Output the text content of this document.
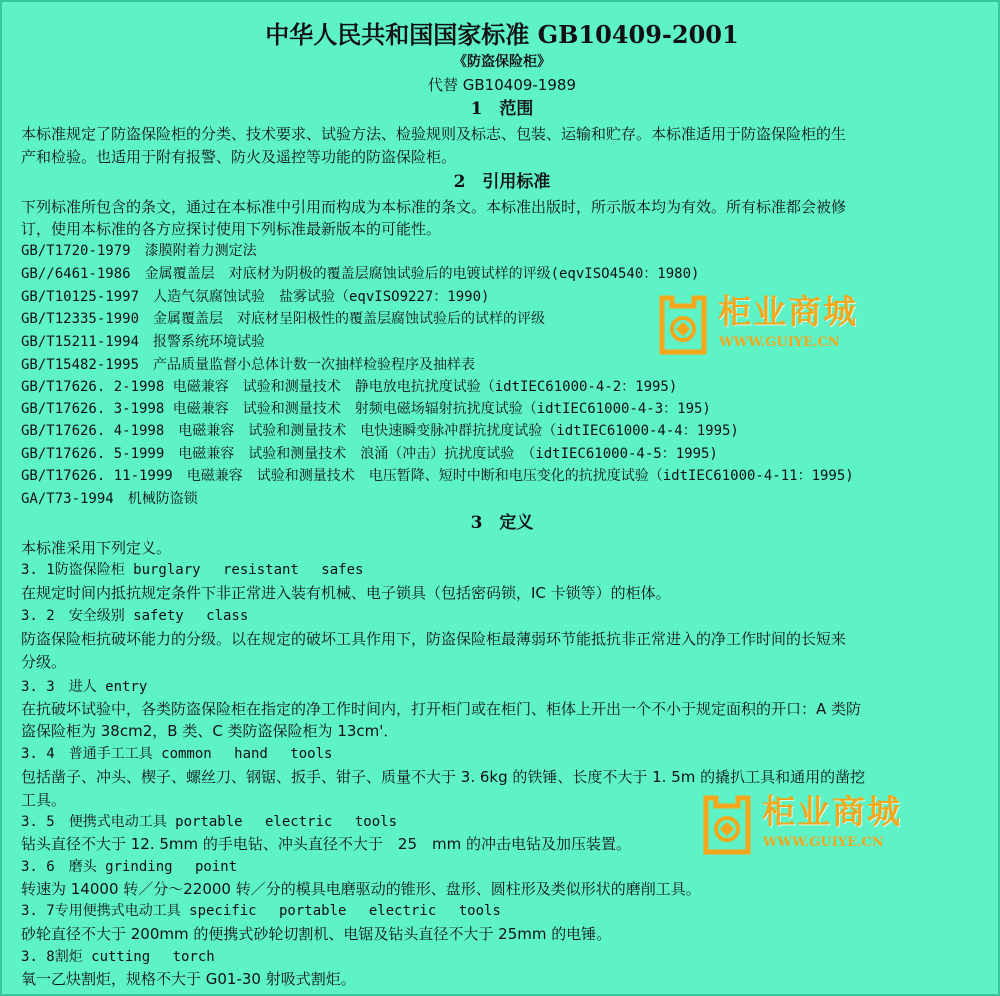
中华人民共和国国家标准 GB10409-2001
《防盗保险柜》
代替 GB10409-1989
1　范围
本标准规定了防盗保险柜的分类、技术要求、试验方法、检验规则及标志、包装、运输和贮存。本标准适用于防盗保险柜的生
产和检验。也适用于附有报警、防火及遥控等功能的防盗保险柜。
2　引用标准
下列标准所包含的条文，通过在本标准中引用而构成为本标准的条文。本标准出版时，所示版本均为有效。所有标准都会被修
订，使用本标准的各方应探讨使用下列标准最新版本的可能性。
GB/T1720-1979　漆膜附着力测定法
GB//6461-1986　金属覆盖层　对底材为阴极的覆盖层腐蚀试验后的电镀试样的评级(eqvISO4540：1980)
GB/T10125-1997　人造气氛腐蚀试验　盐雾试验（eqvISO9227：1990)
GB/T12335-1990　金属覆盖层　对底材呈阳极性的覆盖层腐蚀试验后的试样的评级
GB/T15211-1994　报警系统环境试验
GB/T15482-1995　产品质量监督小总体计数一次抽样检验程序及抽样表
GB/T17626. 2-1998 电磁兼容　试验和测量技术　静电放电抗扰度试验（idtIEC61000-4-2：1995)
GB/T17626. 3-1998 电磁兼容　试验和测量技术　射频电磁场辐射抗扰度试验（idtIEC61000-4-3：195)
GB/T17626. 4-1998　电磁兼容　试验和测量技术　电快速瞬变脉冲群抗扰度试验（idtIEC61000-4-4：1995)
GB/T17626. 5-1999　电磁兼容　试验和测量技术　浪涌（冲击）抗扰度试验　（idtIEC61000-4-5：1995)
GB/T17626. 11-1999　电磁兼容　试验和测量技术　电压暂降、短时中断和电压变化的抗扰度试验（idtIEC61000-4-11：1995)
GA/T73-1994　机械防盗锁
3　定义
本标准采用下列定义。
3. 1防盗保险柜 burglary　 resistant　 safes
在规定时间内抵抗规定条件下非正常进入装有机械、电子锁具（包括密码锁，IC 卡锁等）的柜体。
3. 2　安全级别 safety　 class
防盗保险柜抗破坏能力的分级。以在规定的破坏工具作用下，防盗保险柜最薄弱环节能抵抗非正常进入的净工作时间的长短来
分级。
3. 3　进人 entry
在抗破坏试验中，各类防盗保险柜在指定的净工作时间内，打开柜门或在柜门、柜体上开出一个不小于规定面积的开口：A 类防
盗保险柜为 38cm2，B 类、C 类防盗保险柜为 13cm'．
3. 4　普通手工工具 common　 hand　 tools
包括凿子、冲头、楔子、螺丝刀、钢锯、扳手、钳子、质量不大于 3. 6kg 的铁锤、长度不大于 1. 5m 的撬扒工具和通用的凿挖
工具。
3. 5　便携式电动工具 portable　 electric　 tools
钻头直径不大于 12. 5mm 的手电钻、冲头直径不大于　25　mm 的冲击电钻及加压装置。
3. 6　磨头 grinding　 point
转速为 14000 转／分～22000 转／分的模具电磨驱动的锥形、盘形、圆柱形及类似形状的磨削工具。
3. 7专用便携式电动工具 specific　 portable　 electric　 tools
砂轮直径不大于 200mm 的便携式砂轮切割机、电锯及钻头直径不大于 25mm 的电锤。
3. 8割炬 cutting　 torch
氧一乙炔割炬，规格不大于 G01-30 射吸式割炬。
柜业商城
WWW.GUIYE.CN
柜业商城
WWW.GUIYE.CN
